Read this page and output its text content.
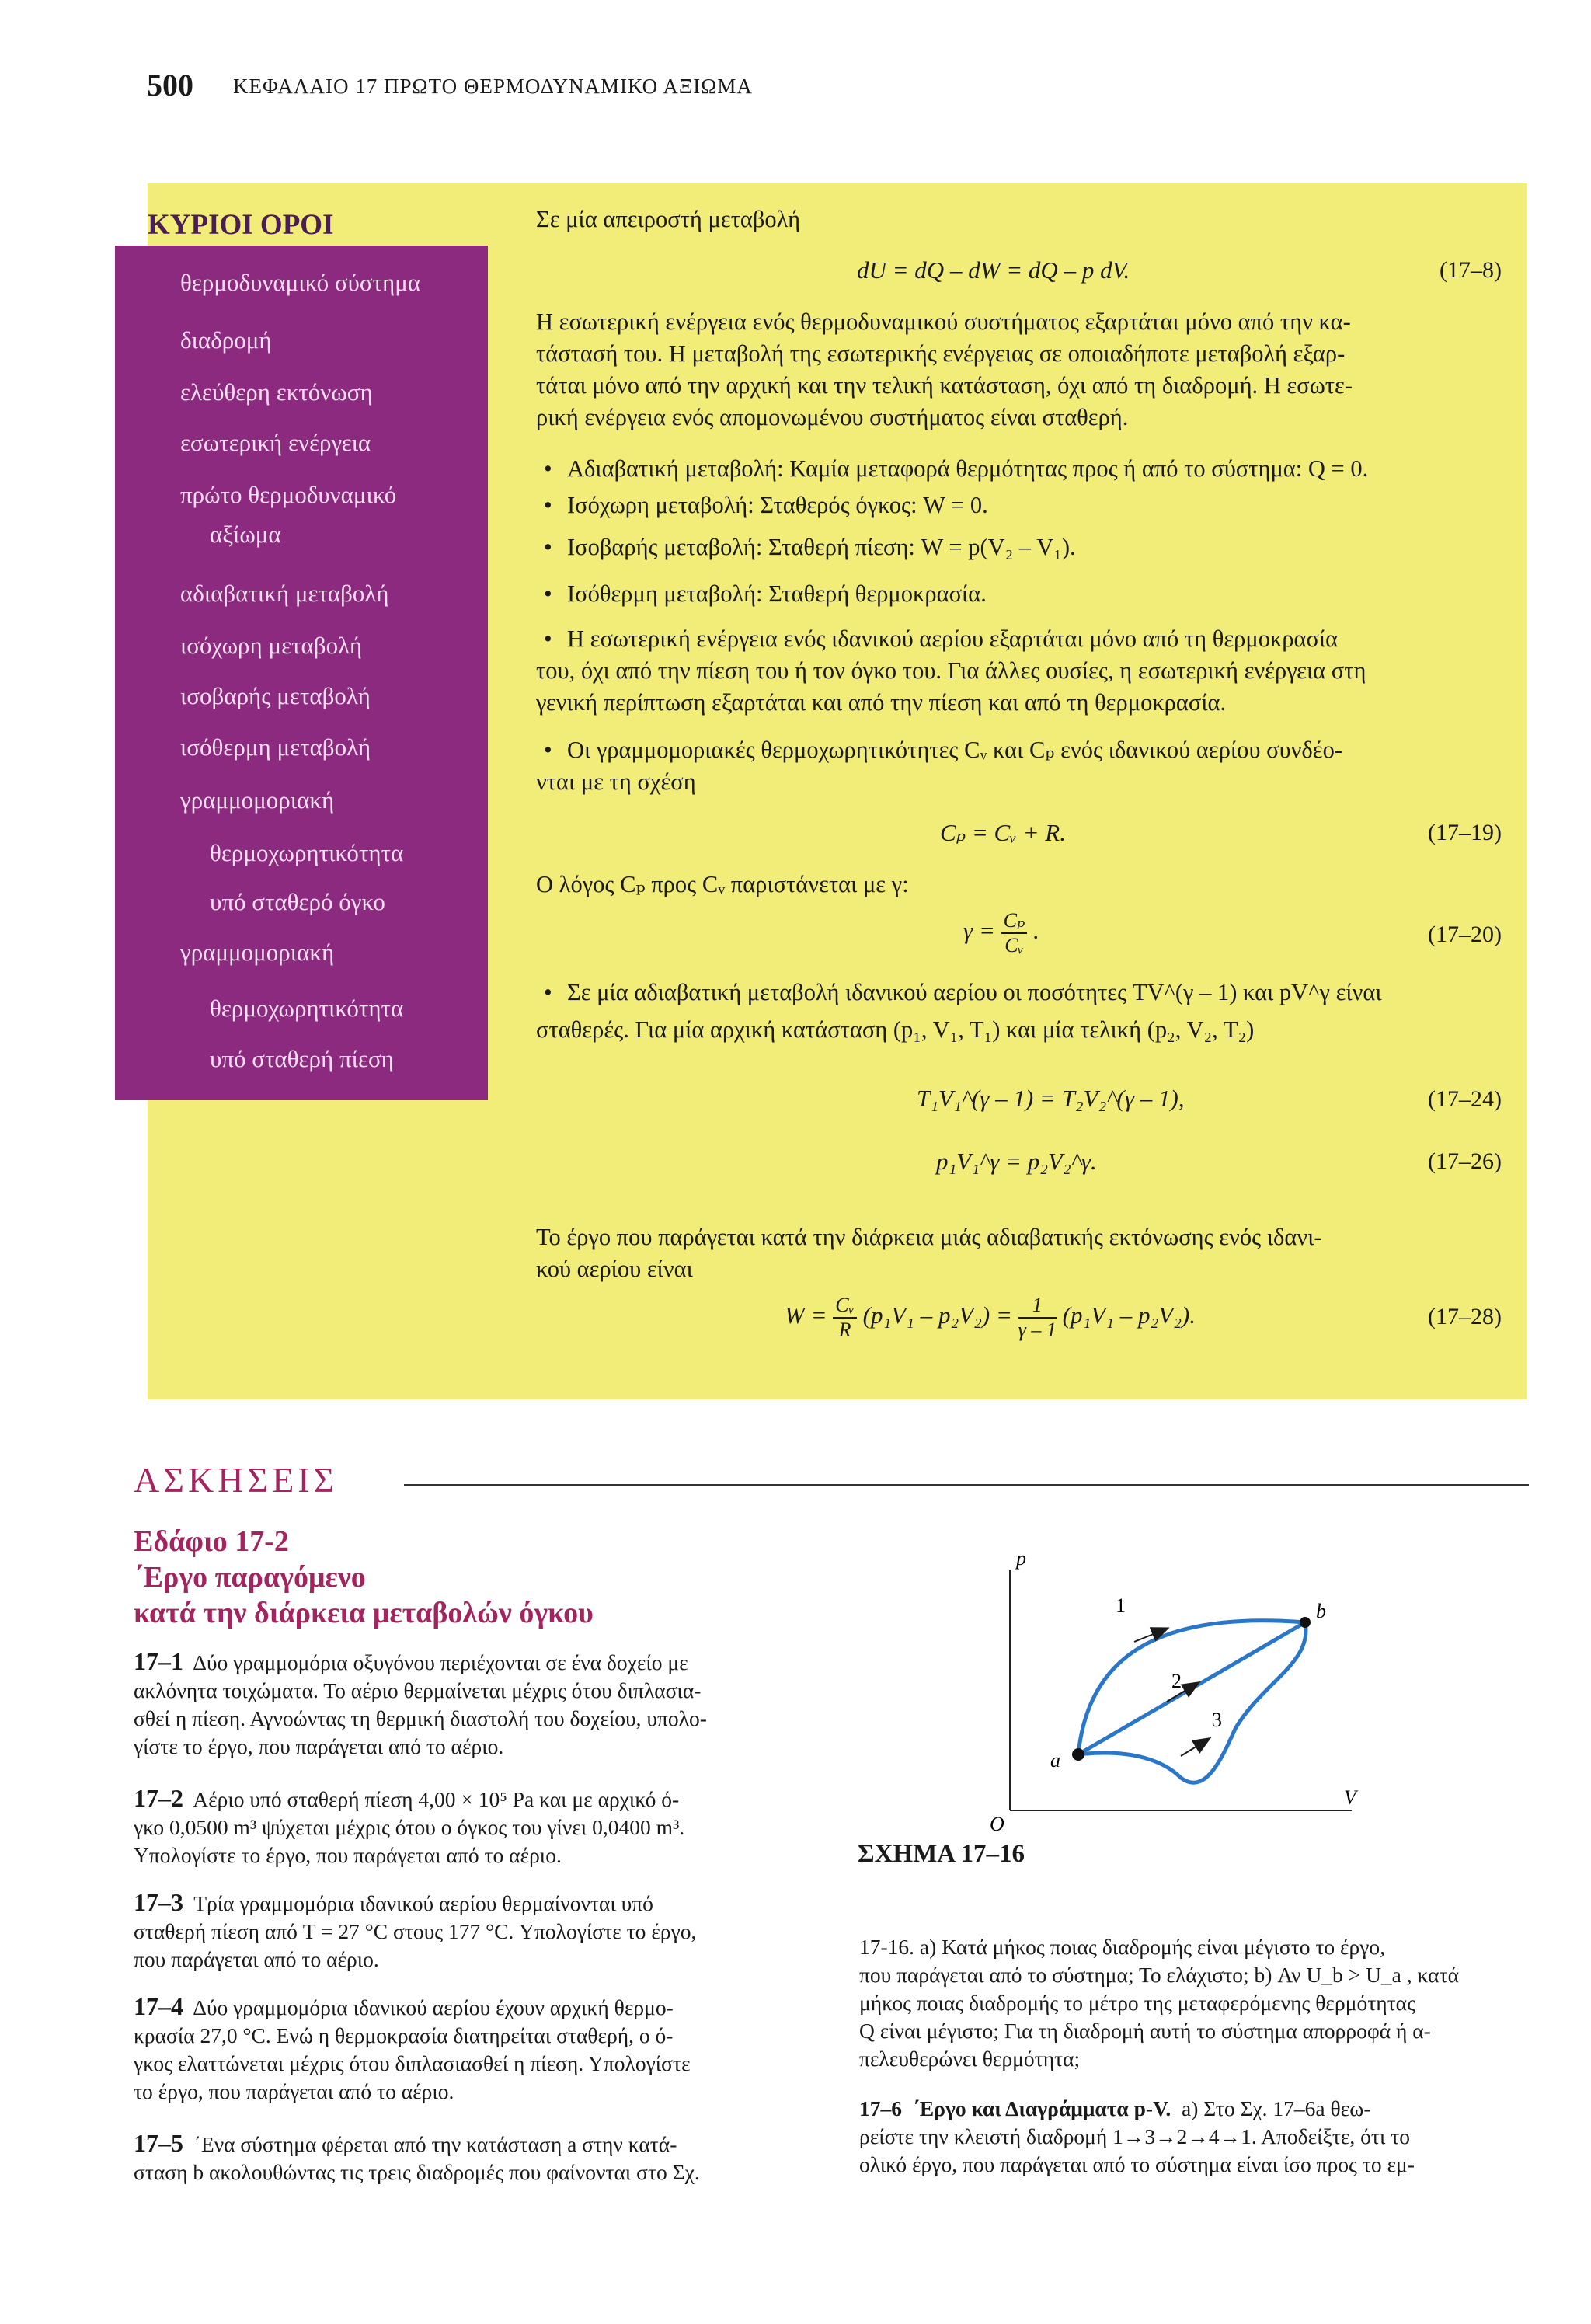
500 ΚΕΦΑΛΑΙΟ 17 ΠΡΩΤΟ ΘΕΡΜΟΔΥΝΑΜΙΚΟ ΑΞΙΩΜΑ
ΚΥΡΙΟΙ ΟΡΟΙ
θερμοδυναμικό σύστημα
διαδρομή
ελεύθερη εκτόνωση
εσωτερική ενέργεια
πρώτο θερμοδυναμικό
αξίωμα
αδιαβατική μεταβολή
ισόχωρη μεταβολή
ισοβαρής μεταβολή
ισόθερμη μεταβολή
γραμμομοριακή
θερμοχωρητικότητα
υπό σταθερό όγκο
γραμμομοριακή
θερμοχωρητικότητα
υπό σταθερή πίεση
Σε μία απειροστή μεταβολή
dU = dQ – dW = dQ – p dV.	(17–8)
Η εσωτερική ενέργεια ενός θερμοδυναμικού συστήματος εξαρτάται μόνο από την κα-
τάστασή του. Η μεταβολή της εσωτερικής ενέργειας σε οποιαδήποτε μεταβολή εξαρ-
τάται μόνο από την αρχική και την τελική κατάσταση, όχι από τη διαδρομή. Η εσωτε-
ρική ενέργεια ενός απομονωμένου συστήματος είναι σταθερή.
• Αδιαβατική μεταβολή: Καμία μεταφορά θερμότητας προς ή από το σύστημα: Q = 0.
• Ισόχωρη μεταβολή: Σταθερός όγκος: W = 0.
• Ισοβαρής μεταβολή: Σταθερή πίεση: W = p(V₂ – V₁).
• Ισόθερμη μεταβολή: Σταθερή θερμοκρασία.
• Η εσωτερική ενέργεια ενός ιδανικού αερίου εξαρτάται μόνο από τη θερμοκρασία
του, όχι από την πίεση του ή τον όγκο του. Για άλλες ουσίες, η εσωτερική ενέργεια στη
γενική περίπτωση εξαρτάται και από την πίεση και από τη θερμοκρασία.
• Οι γραμμομοριακές θερμοχωρητικότητες Cᵥ και Cₚ ενός ιδανικού αερίου συνδέο-
νται με τη σχέση
Cₚ = Cᵥ + R.	(17–19)
Ο λόγος Cₚ προς Cᵥ παριστάνεται με γ:
$\gamma = \frac{\text{Cₚ}}{\text{Cᵥ}}$ .	(17–20)
• Σε μία αδιαβατική μεταβολή ιδανικού αερίου οι ποσότητες TV^(γ – 1) και pV^γ είναι
σταθερές. Για μία αρχική κατάσταση (p₁, V₁, T₁) και μία τελική (p₂, V₂, T₂)
T₁V₁^(γ – 1) = T₂V₂^(γ – 1),	(17–24)
p₁V₁^γ = p₂V₂^γ.	(17–26)
Το έργο που παράγεται κατά την διάρκεια μιάς αδιαβατικής εκτόνωσης ενός ιδανι-
κού αερίου είναι
$W = \frac{\text{Cᵥ}}{R} (p_1V_1 - p_2V_2) = \frac{1}{\gamma - 1} (p_1V_1 - p_2V_2)$.	(17–28)
ΑΣΚΗΣΕΙΣ
Εδάφιο 17-2
΄Εργο παραγόμενο
κατά την διάρκεια μεταβολών όγκου
17–1 Δύο γραμμομόρια οξυγόνου περιέχονται σε ένα δοχείο με
ακλόνητα τοιχώματα. Το αέριο θερμαίνεται μέχρις ότου διπλασια-
σθεί η πίεση. Αγνοώντας τη θερμική διαστολή του δοχείου, υπολο-
γίστε το έργο, που παράγεται από το αέριο.
17–2 Αέριο υπό σταθερή πίεση 4,00 × 10⁵ Pa και με αρχικό ό-
γκο 0,0500 m³ ψύχεται μέχρις ότου ο όγκος του γίνει 0,0400 m³.
Υπολογίστε το έργο, που παράγεται από το αέριο.
17–3 Τρία γραμμομόρια ιδανικού αερίου θερμαίνονται υπό
σταθερή πίεση από T = 27 °C στους 177 °C. Υπολογίστε το έργο,
που παράγεται από το αέριο.
17–4 Δύο γραμμομόρια ιδανικού αερίου έχουν αρχική θερμο-
κρασία 27,0 °C. Ενώ η θερμοκρασία διατηρείται σταθερή, ο ό-
γκος ελαττώνεται μέχρις ότου διπλασιασθεί η πίεση. Υπολογίστε
το έργο, που παράγεται από το αέριο.
17–5 ΄Ενα σύστημα φέρεται από την κατάσταση a στην κατά-
σταση b ακολουθώντας τις τρεις διαδρομές που φαίνονται στο Σχ.
p
V
O
a
b
1
2
3
ΣΧΗΜΑ 17–16
17-16. a) Κατά μήκος ποιας διαδρομής είναι μέγιστο το έργο,
που παράγεται από το σύστημα; Το ελάχιστο; b) Αν U_b > U_a , κατά
μήκος ποιας διαδρομής το μέτρο της μεταφερόμενης θερμότητας
Q είναι μέγιστο; Για τη διαδρομή αυτή το σύστημα απορροφά ή α-
πελευθερώνει θερμότητα;
17–6 ΄Εργο και Διαγράμματα p-V. a) Στο Σχ. 17–6a θεω-
ρείστε την κλειστή διαδρομή 1→3→2→4→1. Αποδείξτε, ότι το
ολικό έργο, που παράγεται από το σύστημα είναι ίσο προς το εμ-
